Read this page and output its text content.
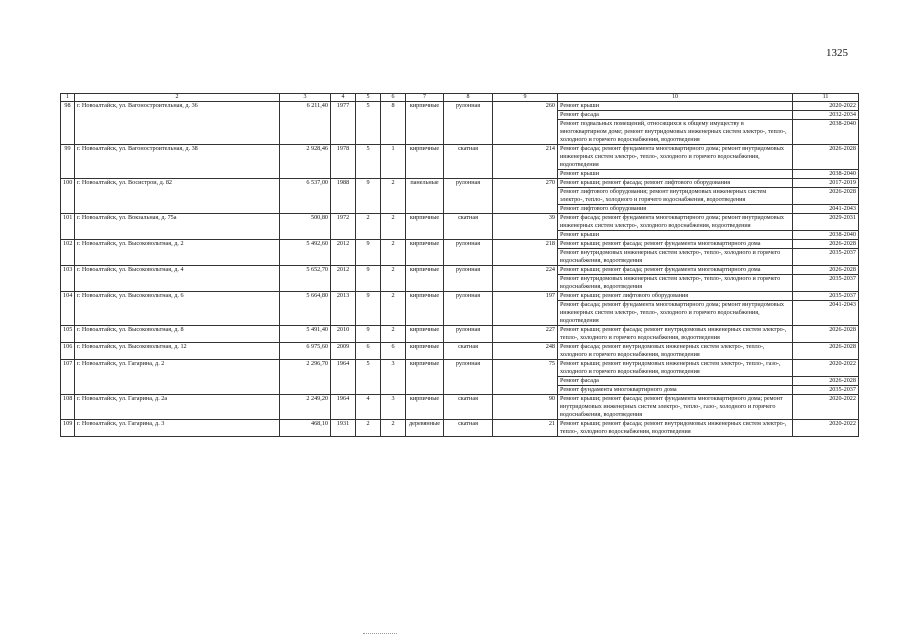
1325
1	2	3	4	5	6	7	8	9	10	11
98	г. Новоалтайск, ул. Вагоностроительная, д. 36	6 211,40	1977	5	8	кирпичные	рулонная	260	Ремонт крыши	2020-2022
									Ремонт фасада	2032-2034
									Ремонт подвальных помещений, относящихся к общему имуществу в многоквартирном доме; ремонт внутридомовых инженерных систем электро-, тепло-, холодного и горячего водоснабжения, водоотведения	2038-2040
99	г. Новоалтайск, ул. Вагоностроительная, д. 38	2 928,46	1978	5	1	кирпичные	скатная	214	Ремонт фасада; ремонт фундамента многоквартирного дома; ремонт внутридомовых инженерных систем электро-, тепло-, холодного и горячего водоснабжения, водоотведения	2026-2028
									Ремонт крыши	2038-2040
100	г. Новоалтайск, ул. Восистрои, д. 82	6 537,00	1988	9	2	панельные	рулонная	270	Ремонт крыши; ремонт фасада; ремонт лифтового оборудования	2017-2019
									Ремонт лифтового оборудования; ремонт внутридомовых инженерных систем электро-, тепло-, холодного и горячего водоснабжения, водоотведения	2026-2028
									Ремонт лифтового оборудования	2041-2043
101	г. Новоалтайск, ул. Вокзальная, д. 75а	500,80	1972	2	2	кирпичные	скатная	39	Ремонт фасада; ремонт фундамента многоквартирного дома; ремонт внутридомовых инженерных систем электро-, холодного водоснабжения, водоотведения	2029-2031
									Ремонт крыши	2038-2040
102	г. Новоалтайск, ул. Высоковольтная, д. 2	5 492,60	2012	9	2	кирпичные	рулонная	218	Ремонт крыши; ремонт фасада; ремонт фундамента многоквартирного дома	2026-2028
									Ремонт внутридомовых инженерных систем электро-, тепло-, холодного и горячего водоснабжения, водоотведения	2035-2037
103	г. Новоалтайск, ул. Высоковольтная, д. 4	5 652,70	2012	9	2	кирпичные	рулонная	224	Ремонт крыши; ремонт фасада; ремонт фундамента многоквартирного дома	2026-2028
									Ремонт внутридомовых инженерных систем электро-, тепло-, холодного и горячего водоснабжения, водоотведения	2035-2037
104	г. Новоалтайск, ул. Высоковольтная, д. 6	5 664,80	2013	9	2	кирпичные	рулонная	197	Ремонт крыши; ремонт лифтового оборудования	2035-2037
									Ремонт фасада; ремонт фундамента многоквартирного дома; ремонт внутридомовых инженерных систем электро-, тепло-, холодного и горячего водоснабжения, водоотведения	2041-2043
105	г. Новоалтайск, ул. Высоковольтная, д. 8	5 491,40	2010	9	2	кирпичные	рулонная	227	Ремонт крыши; ремонт фасада; ремонт внутридомовых инженерных систем электро-, тепло-, холодного и горячего водоснабжения, водоотведения	2026-2028
106	г. Новоалтайск, ул. Высоковольтная, д. 12	6 975,60	2009	6	6	кирпичные	скатная	248	Ремонт фасада; ремонт внутридомовых инженерных систем электро-, тепло-, холодного и горячего водоснабжения, водоотведения	2026-2028
107	г. Новоалтайск, ул. Гагарина, д. 2	2 296,70	1964	5	3	кирпичные	рулонная	75	Ремонт крыши; ремонт внутридомовых инженерных систем электро-, тепло-, газо-, холодного и горячего водоснабжения, водоотведения	2020-2022
									Ремонт фасада	2026-2028
									Ремонт фундамента многоквартирного дома	2035-2037
108	г. Новоалтайск, ул. Гагарина, д. 2а	2 249,20	1964	4	3	кирпичные	скатная	90	Ремонт крыши; ремонт фасада; ремонт фундамента многоквартирного дома; ремонт внутридомовых инженерных систем электро-, тепло-, газо-, холодного и горячего водоснабжения, водоотведения	2020-2022
109	г. Новоалтайск, ул. Гагарина, д. 3	468,10	1931	2	2	деревянные	скатная	21	Ремонт крыши; ремонт фасада; ремонт внутридомовых инженерных систем электро-, тепло-, холодного водоснабжения, водоотведения	2020-2022
